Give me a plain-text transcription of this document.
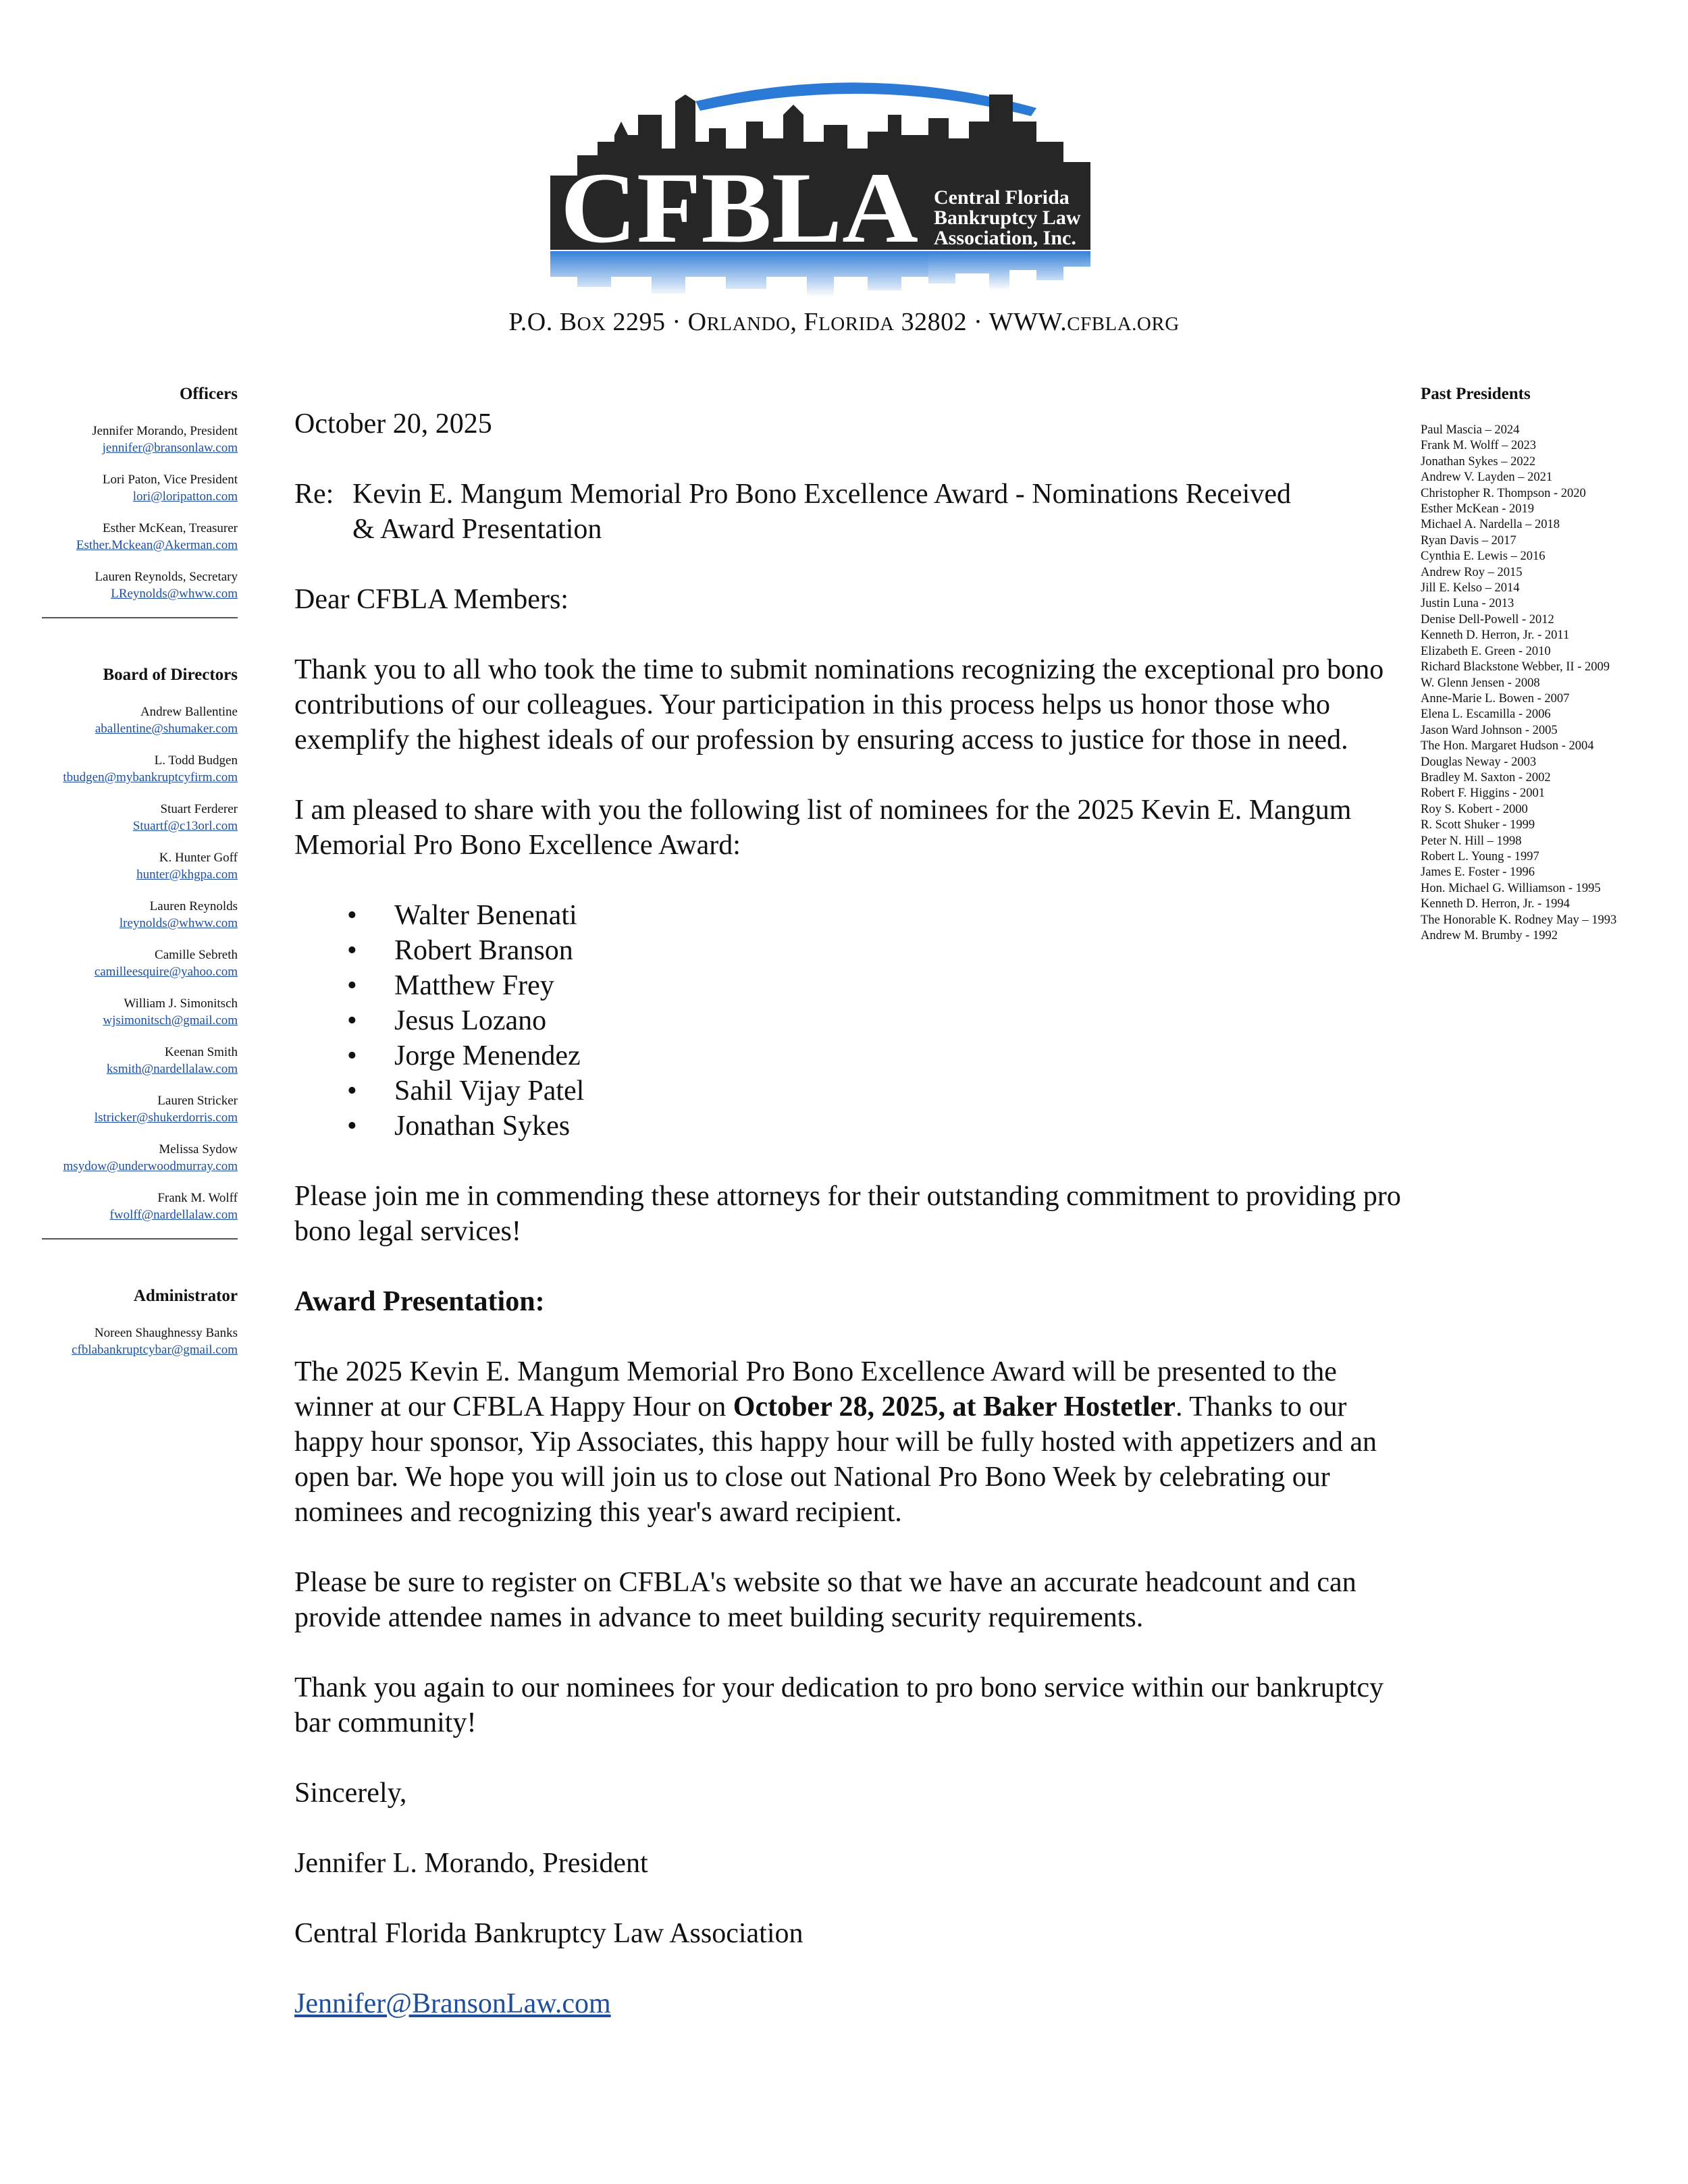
CFBLA Central Florida
Bankruptcy Law
Association, Inc.
P.O. BOX 2295 · ORLANDO, FLORIDA 32802 · WWW.CFBLA.ORG
Officers
Jennifer Morando, President
jennifer@bransonlaw.com
Lori Paton, Vice President
lori@loripatton.com
Esther McKean, Treasurer
Esther.Mckean@Akerman.com
Lauren Reynolds, Secretary
LReynolds@whww.com
Board of Directors
Andrew Ballentine
aballentine@shumaker.com
L. Todd Budgen
tbudgen@mybankruptcyfirm.com
Stuart Ferderer
Stuartf@c13orl.com
K. Hunter Goff
hunter@khgpa.com
Lauren Reynolds
lreynolds@whww.com
Camille Sebreth
camilleesquire@yahoo.com
William J. Simonitsch
wjsimonitsch@gmail.com
Keenan Smith
ksmith@nardellalaw.com
Lauren Stricker
lstricker@shukerdorris.com
Melissa Sydow
msydow@underwoodmurray.com
Frank M. Wolff
fwolff@nardellalaw.com
Administrator
Noreen Shaughnessy Banks
cfblabankruptcybar@gmail.com
Past Presidents
Paul Mascia – 2024
Frank M. Wolff – 2023
Jonathan Sykes – 2022
Andrew V. Layden – 2021
Christopher R. Thompson - 2020
Esther McKean - 2019
Michael A. Nardella – 2018
Ryan Davis – 2017
Cynthia E. Lewis – 2016
Andrew Roy – 2015
Jill E. Kelso – 2014
Justin Luna - 2013
Denise Dell-Powell - 2012
Kenneth D. Herron, Jr. - 2011
Elizabeth E. Green - 2010
Richard Blackstone Webber, II - 2009
W. Glenn Jensen - 2008
Anne-Marie L. Bowen - 2007
Elena L. Escamilla - 2006
Jason Ward Johnson - 2005
The Hon. Margaret Hudson - 2004
Douglas Neway - 2003
Bradley M. Saxton - 2002
Robert F. Higgins - 2001
Roy S. Kobert - 2000
R. Scott Shuker - 1999
Peter N. Hill – 1998
Robert L. Young - 1997
James E. Foster - 1996
Hon. Michael G. Williamson - 1995
Kenneth D. Herron, Jr. - 1994
The Honorable K. Rodney May – 1993
Andrew M. Brumby - 1992

October 20, 2025

Re: Kevin E. Mangum Memorial Pro Bono Excellence Award - Nominations Received
& Award Presentation

Dear CFBLA Members:

Thank you to all who took the time to submit nominations recognizing the exceptional pro bono contributions of our colleagues. Your participation in this process helps us honor those who exemplify the highest ideals of our profession by ensuring access to justice for those in need.

I am pleased to share with you the following list of nominees for the 2025 Kevin E. Mangum Memorial Pro Bono Excellence Award:

• Walter Benenati
• Robert Branson
• Matthew Frey
• Jesus Lozano
• Jorge Menendez
• Sahil Vijay Patel
• Jonathan Sykes

Please join me in commending these attorneys for their outstanding commitment to providing pro bono legal services!

Award Presentation:

The 2025 Kevin E. Mangum Memorial Pro Bono Excellence Award will be presented to the winner at our CFBLA Happy Hour on October 28, 2025, at Baker Hostetler. Thanks to our happy hour sponsor, Yip Associates, this happy hour will be fully hosted with appetizers and an open bar. We hope you will join us to close out National Pro Bono Week by celebrating our nominees and recognizing this year's award recipient.

Please be sure to register on CFBLA's website so that we have an accurate headcount and can provide attendee names in advance to meet building security requirements.

Thank you again to our nominees for your dedication to pro bono service within our bankruptcy bar community!

Sincerely,

Jennifer L. Morando, President

Central Florida Bankruptcy Law Association

Jennifer@BransonLaw.com
